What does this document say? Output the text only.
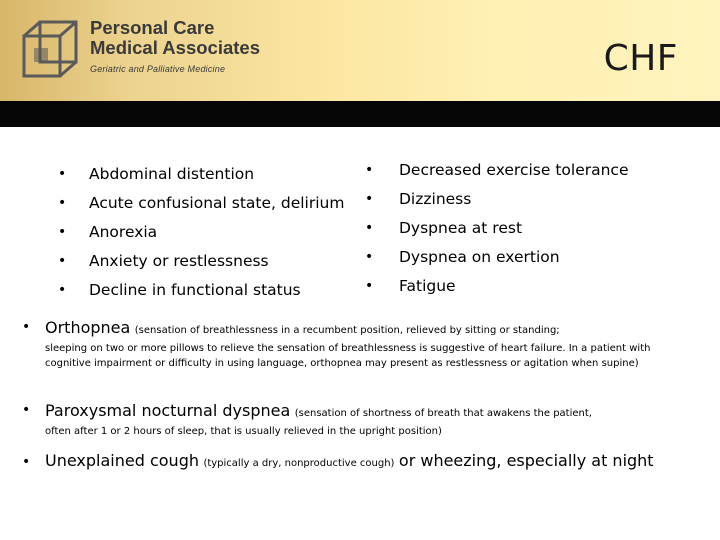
Personal Care
Medical Associates
Geriatric and Palliative Medicine	CHF
• Abdominal distention
• Acute confusional state, delirium
• Anorexia
• Anxiety or restlessness
• Decline in functional status
• Decreased exercise tolerance
• Dizziness
• Dyspnea at rest
• Dyspnea on exertion
• Fatigue
• Orthopnea (sensation of breathlessness in a recumbent position, relieved by sitting or standing;
sleeping on two or more pillows to relieve the sensation of breathlessness is suggestive of heart failure. In a patient with cognitive impairment or difficulty in using language, orthopnea may present as restlessness or agitation when supine)
• Paroxysmal nocturnal dyspnea (sensation of shortness of breath that awakens the patient,
often after 1 or 2 hours of sleep, that is usually relieved in the upright position)
• Unexplained cough (typically a dry, nonproductive cough) or wheezing, especially at night
